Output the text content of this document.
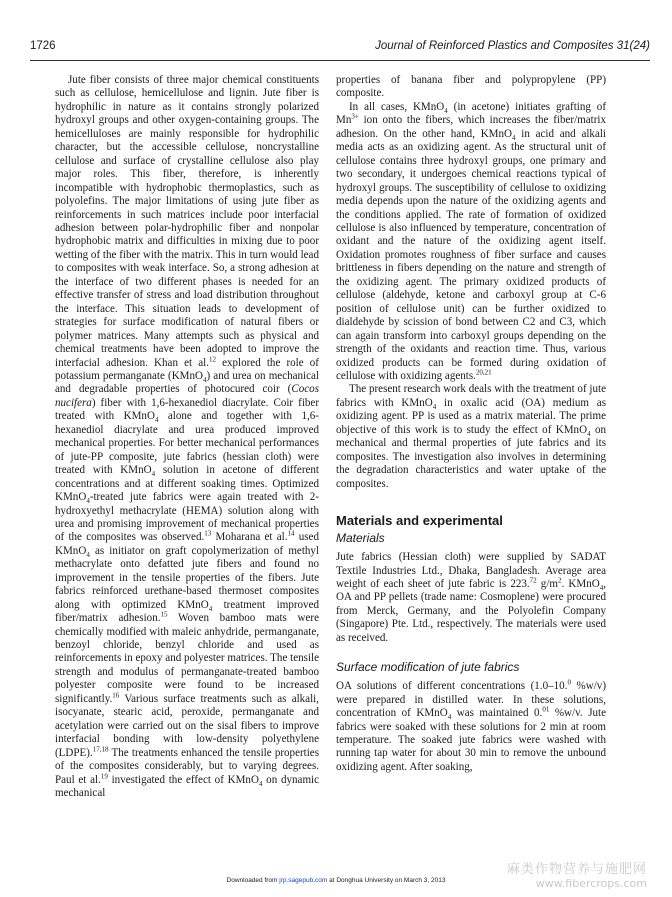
1726	Journal of Reinforced Plastics and Composites 31(24)

Jute fiber consists of three major chemical constituents such as cellulose, hemicellulose and lignin. Jute fiber is hydrophilic in nature as it contains strongly polarized hydroxyl groups and other oxygen-containing groups. The hemicelluloses are mainly responsible for hydrophilic character, but the accessible cellulose, noncrystalline cellulose and surface of crystalline cellulose also play major roles. This fiber, therefore, is inherently incompatible with hydrophobic thermoplastics, such as polyolefins. The major limitations of using jute fiber as reinforcements in such matrices include poor interfacial adhesion between polar-hydrophilic fiber and nonpolar hydrophobic matrix and difficulties in mixing due to poor wetting of the fiber with the matrix. This in turn would lead to composites with weak interface. So, a strong adhesion at the interface of two different phases is needed for an effective transfer of stress and load distribution throughout the interface. This situation leads to development of strategies for surface modification of natural fibers or polymer matrices. Many attempts such as physical and chemical treatments have been adopted to improve the interfacial adhesion. Khan et al.$^{12}$ explored the role of potassium permanganate (KMnO$_4$) and urea on mechanical and degradable properties of photocured coir (Cocos nucifera) fiber with 1,6-hexanediol diacrylate. Coir fiber treated with KMnO$_4$ alone and together with 1,6-hexanediol diacrylate and urea produced improved mechanical properties. For better mechanical performances of jute-PP composite, jute fabrics (hessian cloth) were treated with KMnO$_4$ solution in acetone of different concentrations and at different soaking times. Optimized KMnO$_4$-treated jute fabrics were again treated with 2-hydroxyethyl methacrylate (HEMA) solution along with urea and promising improvement of mechanical properties of the composites was observed.$^{13}$ Moharana et al.$^{14}$ used KMnO$_4$ as initiator on graft copolymerization of methyl methacrylate onto defatted jute fibers and found no improvement in the tensile properties of the fibers. Jute fabrics reinforced urethane-based thermoset composites along with optimized KMnO$_4$ treatment improved fiber/matrix adhesion.$^{15}$ Woven bamboo mats were chemically modified with maleic anhydride, permanganate, benzoyl chloride, benzyl chloride and used as reinforcements in epoxy and polyester matrices. The tensile strength and modulus of permanganate-treated bamboo polyester composite were found to be increased significantly.$^{16}$ Various surface treatments such as alkali, isocyanate, stearic acid, peroxide, permanganate and acetylation were carried out on the sisal fibers to improve interfacial bonding with low-density polyethylene (LDPE).$^{17,18}$ The treatments enhanced the tensile properties of the composites considerably, but to varying degrees. Paul et al.$^{19}$ investigated the effect of KMnO$_4$ on dynamic mechanical

properties of banana fiber and polypropylene (PP) composite.

In all cases, KMnO$_4$ (in acetone) initiates grafting of $Mn^{3+}$ ion onto the fibers, which increases the fiber/matrix adhesion. On the other hand, KMnO$_4$ in acid and alkali media acts as an oxidizing agent. As the structural unit of cellulose contains three hydroxyl groups, one primary and two secondary, it undergoes chemical reactions typical of hydroxyl groups. The susceptibility of cellulose to oxidizing media depends upon the nature of the oxidizing agents and the conditions applied. The rate of formation of oxidized cellulose is also influenced by temperature, concentration of oxidant and the nature of the oxidizing agent itself. Oxidation promotes roughness of fiber surface and causes brittleness in fibers depending on the nature and strength of the oxidizing agent. The primary oxidized products of cellulose (aldehyde, ketone and carboxyl group at C-6 position of cellulose unit) can be further oxidized to dialdehyde by scission of bond between C2 and C3, which can again transform into carboxyl groups depending on the strength of the oxidants and reaction time. Thus, various oxidized products can be formed during oxidation of cellulose with oxidizing agents.$^{20,21}$

The present research work deals with the treatment of jute fabrics with KMnO$_4$ in oxalic acid (OA) medium as oxidizing agent. PP is used as a matrix material. The prime objective of this work is to study the effect of KMnO$_4$ on mechanical and thermal properties of jute fabrics and its composites. The investigation also involves in determining the degradation characteristics and water uptake of the composites.

Materials and experimental
Materials

Jute fabrics (Hessian cloth) were supplied by SADAT Textile Industries Ltd., Dhaka, Bangladesh. Average area weight of each sheet of jute fabric is 223.72 $g/m^2$. KMnO$_4$, OA and PP pellets (trade name: Cosmoplene) were procured from Merck, Germany, and the Polyolefin Company (Singapore) Pte. Ltd., respectively. The materials were used as received.

Surface modification of jute fabrics

OA solutions of different concentrations (1.0–10.$^0$ %w/v) were prepared in distilled water. In these solutions, concentration of KMnO$_4$ was maintained 0.01 %w/v. Jute fabrics were soaked with these solutions for 2 min at room temperature. The soaked jute fabrics were washed with running tap water for about 30 min to remove the unbound oxidizing agent. After soaking,

Downloaded from jrp.sagepub.com at Donghua University on March 3, 2013
麻类作物营养与施肥网
www.fibercrops.com
